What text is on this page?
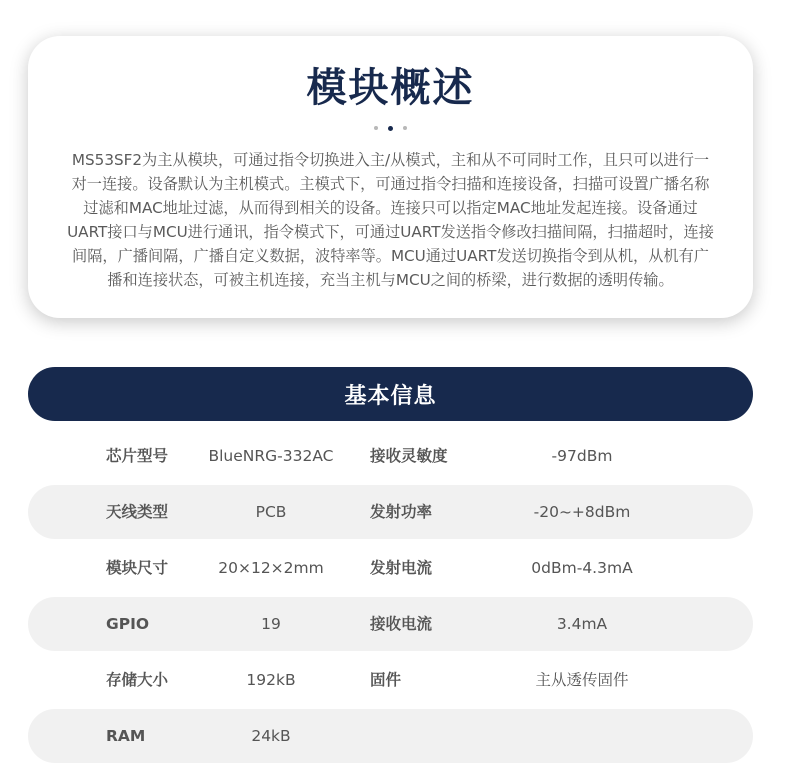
模块概述

MS53SF2为主从模块，可通过指令切换进入主/从模式，主和从不可同时工作，且只可以进行一对一连接。设备默认为主机模式。主模式下，可通过指令扫描和连接设备，扫描可设置广播名称过滤和MAC地址过滤，从而得到相关的设备。连接只可以指定MAC地址发起连接。设备通过UART接口与MCU进行通讯，指令模式下，可通过UART发送指令修改扫描间隔，扫描超时，连接间隔，广播间隔，广播自定义数据，波特率等。MCU通过UART发送切换指令到从机，从机有广播和连接状态，可被主机连接，充当主机与MCU之间的桥梁，进行数据的透明传输。

基本信息
芯片型号	BlueNRG-332AC	接收灵敏度	-97dBm
天线类型	PCB	发射功率	-20~+8dBm
模块尺寸	20×12×2mm	发射电流	0dBm-4.3mA
GPIO	19	接收电流	3.4mA
存储大小	192kB	固件	主从透传固件
RAM	24kB
